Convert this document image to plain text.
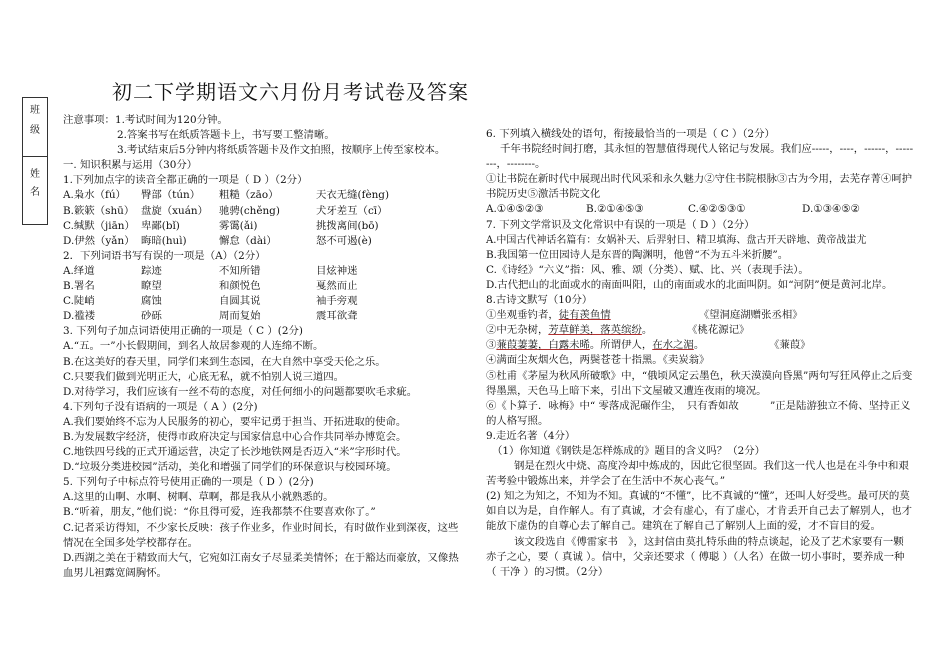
初二下学期语文六月份月考试卷及答案
班
级
姓
名
注意事项：1.考试时间为120分钟。
2.答案书写在纸质答题卡上，书写要工整清晰。
3.考试结束后5分钟内将纸质答题卡及作文拍照，按顺序上传至家校本。
一. 知识积累与运用（30分）
1.下列加点字的读音全都正确的一项是（ D ）（2分）
A.枭水（fú）	臀部（tún）	粗糙（zāo）	天衣无缝(fèng)
B.簌簌（shū） 盘旋（xuán）	驰骋(chěng)	犬牙差互（cī）
C.缄默（jiān） 卑鄙(bǐ)	雾霭(ǎi)	挑拨离间(bō)
D.伊然（yǎn） 晦暗(huì)	懈怠（dài）	怒不可遏(è)
2．下列词语书写有误的一项是（A）（2分）
A.绎道	踪迹	不知所错	目炫神迷
B.署名	瞭望	和颜悦色	戛然而止
C.陡峭	腐蚀	自圆其说	袖手旁观
D.褴褛	砂砾	周而复始	震耳欲聋
3. 下列句子加点词语使用正确的一项是（ C ）(2分)
A.“五。一”小长假期间，到名人故居参观的人连绵不断。
B.在这美好的春天里，同学们来到生态园，在大自然中享受天伦之乐。
C.只要我们做到光明正大，心底无私，就不怕别人说三道四。
D.对待学习，我们应该有一丝不苟的态度，对任何细小的问题都要吹毛求疵。
4.下列句子没有语病的一项是（ A ）(2分)
A.我们要始终不忘为人民服务的初心，要牢记勇于担当、开拓进取的使命。
B.为发展数字经济，使得市政府决定与国家信息中心合作共同举办博览会。
C.地铁四号线的正式开通运营，决定了长沙地铁网是否迈入“米”字形时代。
D.“垃圾分类进校园”活动，美化和增强了同学们的环保意识与校园环境。
5. 下列句子中标点符号使用正确的一项是（ D ）(2分)
A.这里的山啊、水啊、树啊、草啊，都是我从小就熟悉的。
B.“听着，朋友，”他们说：“你且得可爱，连我都禁不住要喜欢你了。”
C.记者采访得知，不少家长反映：孩子作业多，作业时间长，有时做作业到深夜，这些情况在全国多处学校都存在。
D.西湖之美在于精致而大气，它宛如江南女子尽显柔美情怀；在于豁达而豪放，又像热血男儿袒露宽阔胸怀。
6. 下列填入横线处的语句，衔接最恰当的一项是（ C ）（2分）
千年书院经时间打磨，其永恒的智慧值得现代人铭记与发展。我们应-----，----，------，--------，--------。
①让书院在新时代中展现出时代风采和永久魅力②守住书院根脉③古为今用，去芜存菁④呵护书院历史⑤激活书院文化
A.①④⑤②③	B.②①④⑤③	C.④②⑤③①	D.①③④⑤②
7. 下列文学常识及文化常识中有误的一项是（ D ）（2分）
A.中国古代神话名篇有：女娲补天、后羿射日、精卫填海、盘古开天辟地、黄帝战蚩尤
B.我国第一位田园诗人是东晋的陶渊明，他曾“不为五斗米折腰”。
C.《诗经》“六义”指：风、雅、颂（分类）、赋、比、兴（表现手法）。
D.古代把山的北面或水的南面叫阳，山的南面或水的北面叫阴。如“河阴”便是黄河北岸。
8.古诗文默写（10分）
①坐观垂钓者，徒有羡鱼情	《望洞庭湖赠张丞相》
②中无杂树，芳草鲜美，落英缤纷。	《桃花源记》
③蒹葭萋萋，白露未晞。所谓伊人，在水之湄。	《蒹葭》
④满面尘灰烟火色，两鬓苍苍十指黑。《卖炭翁》
⑤杜甫《茅屋为秋风所破歌》中，“俄顷风定云墨色，秋天漠漠向昏黑”两句写狂风停止之后变得墨黑，天色马上暗下来，引出下文屋破又遭连夜雨的境况。
⑥《卜算子．咏梅》中“ 零落成泥碾作尘，　只有香如故　　　”正是陆游独立不倚、坚持正义的人格写照。
9.走近名著（4分）
（1）你知道《钢铁是怎样炼成的》题目的含义吗？（2分）
钢是在烈火中烧、高度冷却中炼成的，因此它很坚固。我们这一代人也是在斗争中和艰苦考验中锻炼出来，并学会了在生活中不灰心丧气。”
(2) 知之为知之，不知为不知。真诚的“不懂”，比不真诚的“懂”，还叫人好受些。最可厌的莫如自以为是，自作解人。有了真诚，才会有虚心，有了虚心，才肯丢开自己去了解别人，也才能放下虚伪的自尊心去了解自己。建筑在了解自己了解别人上面的爱，才不盲目的爱。
该文段选自《傅雷家书　》，这封信由莫扎特乐曲的特点谈起，论及了艺术家要有一颗赤子之心，要（ 真诚 ）。信中，父亲还要求（ 傅聪 ）（人名）在做一切小事时，要养成一种（ 干净 ）的习惯。（2分）
